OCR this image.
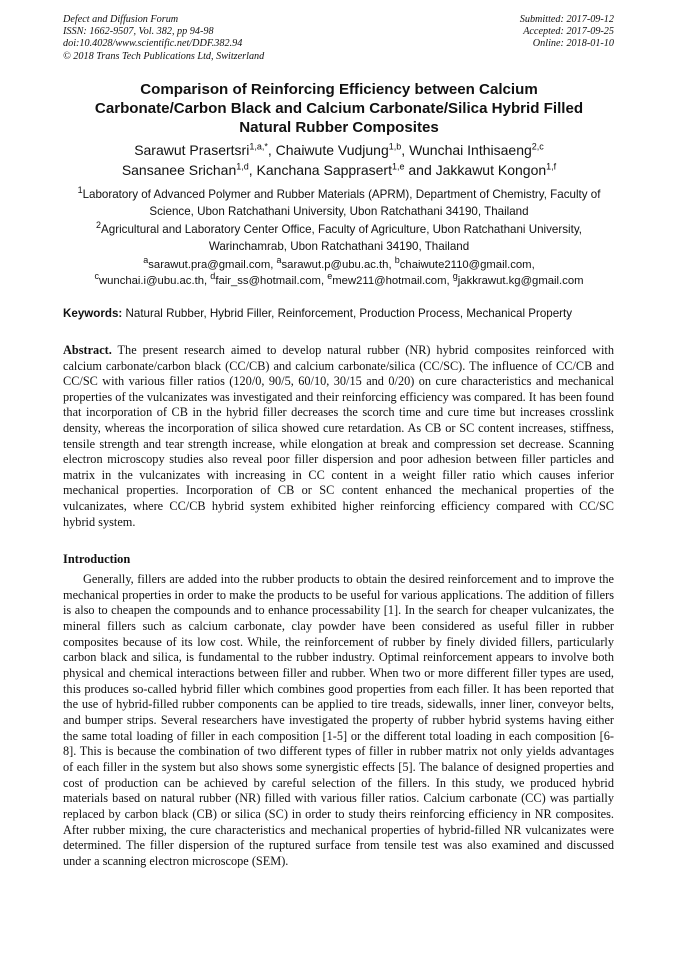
Defect and Diffusion Forum
ISSN: 1662-9507, Vol. 382, pp 94-98
doi:10.4028/www.scientific.net/DDF.382.94
© 2018 Trans Tech Publications Ltd, Switzerland
Submitted: 2017-09-12
Accepted: 2017-09-25
Online: 2018-01-10
Comparison of Reinforcing Efficiency between Calcium
Carbonate/Carbon Black and Calcium Carbonate/Silica Hybrid Filled
Natural Rubber Composites
Sarawut Prasertsri$^{1,a,*}$, Chaiwute Vudjung$^{1,b}$, Wunchai Inthisaeng$^{2,c}$
Sansanee Srichan$^{1,d}$, Kanchana Sapprasert$^{1,e}$ and Jakkawut Kongon$^{1,f}$
$^1$Laboratory of Advanced Polymer and Rubber Materials (APRM), Department of Chemistry, Faculty of Science, Ubon Ratchathani University, Ubon Ratchathani 34190, Thailand
$^2$Agricultural and Laboratory Center Office, Faculty of Agriculture, Ubon Ratchathani University, Warinchamrab, Ubon Ratchathani 34190, Thailand
$^a$sarawut.pra@gmail.com, $^a$sarawut.p@ubu.ac.th, $^b$chaiwute2110@gmail.com,
$^c$wunchai.i@ubu.ac.th, $^d$fair_ss@hotmail.com, $^e$mew211@hotmail.com, $^g$jakkrawut.kg@gmail.com
Keywords: Natural Rubber, Hybrid Filler, Reinforcement, Production Process, Mechanical Property
Abstract. The present research aimed to develop natural rubber (NR) hybrid composites reinforced with calcium carbonate/carbon black (CC/CB) and calcium carbonate/silica (CC/SC). The influence of CC/CB and CC/SC with various filler ratios (120/0, 90/5, 60/10, 30/15 and 0/20) on cure characteristics and mechanical properties of the vulcanizates was investigated and their reinforcing efficiency was compared. It has been found that incorporation of CB in the hybrid filler decreases the scorch time and cure time but increases crosslink density, whereas the incorporation of silica showed cure retardation. As CB or SC content increases, stiffness, tensile strength and tear strength increase, while elongation at break and compression set decrease. Scanning electron microscopy studies also reveal poor filler dispersion and poor adhesion between filler particles and matrix in the vulcanizates with increasing in CC content in a weight filler ratio which causes inferior mechanical properties. Incorporation of CB or SC content enhanced the mechanical properties of the vulcanizates, where CC/CB hybrid system exhibited higher reinforcing efficiency compared with CC/SC hybrid system.
Introduction
Generally, fillers are added into the rubber products to obtain the desired reinforcement and to improve the mechanical properties in order to make the products to be useful for various applications. The addition of fillers is also to cheapen the compounds and to enhance processability [1]. In the search for cheaper vulcanizates, the mineral fillers such as calcium carbonate, clay powder have been considered as useful filler in rubber composites because of its low cost. While, the reinforcement of rubber by finely divided fillers, particularly carbon black and silica, is fundamental to the rubber industry. Optimal reinforcement appears to involve both physical and chemical interactions between filler and rubber. When two or more different filler types are used, this produces so-called hybrid filler which combines good properties from each filler. It has been reported that the use of hybrid-filled rubber components can be applied to tire treads, sidewalls, inner liner, conveyor belts, and bumper strips. Several researchers have investigated the property of rubber hybrid systems having either the same total loading of filler in each composition [1-5] or the different total loading in each composition [6-8]. This is because the combination of two different types of filler in rubber matrix not only yields advantages of each filler in the system but also shows some synergistic effects [5]. The balance of designed properties and cost of production can be achieved by careful selection of the fillers. In this study, we produced hybrid materials based on natural rubber (NR) filled with various filler ratios. Calcium carbonate (CC) was partially replaced by carbon black (CB) or silica (SC) in order to study theirs reinforcing efficiency in NR composites. After rubber mixing, the cure characteristics and mechanical properties of hybrid-filled NR vulcanizates were determined. The filler dispersion of the ruptured surface from tensile test was also examined and discussed under a scanning electron microscope (SEM).
